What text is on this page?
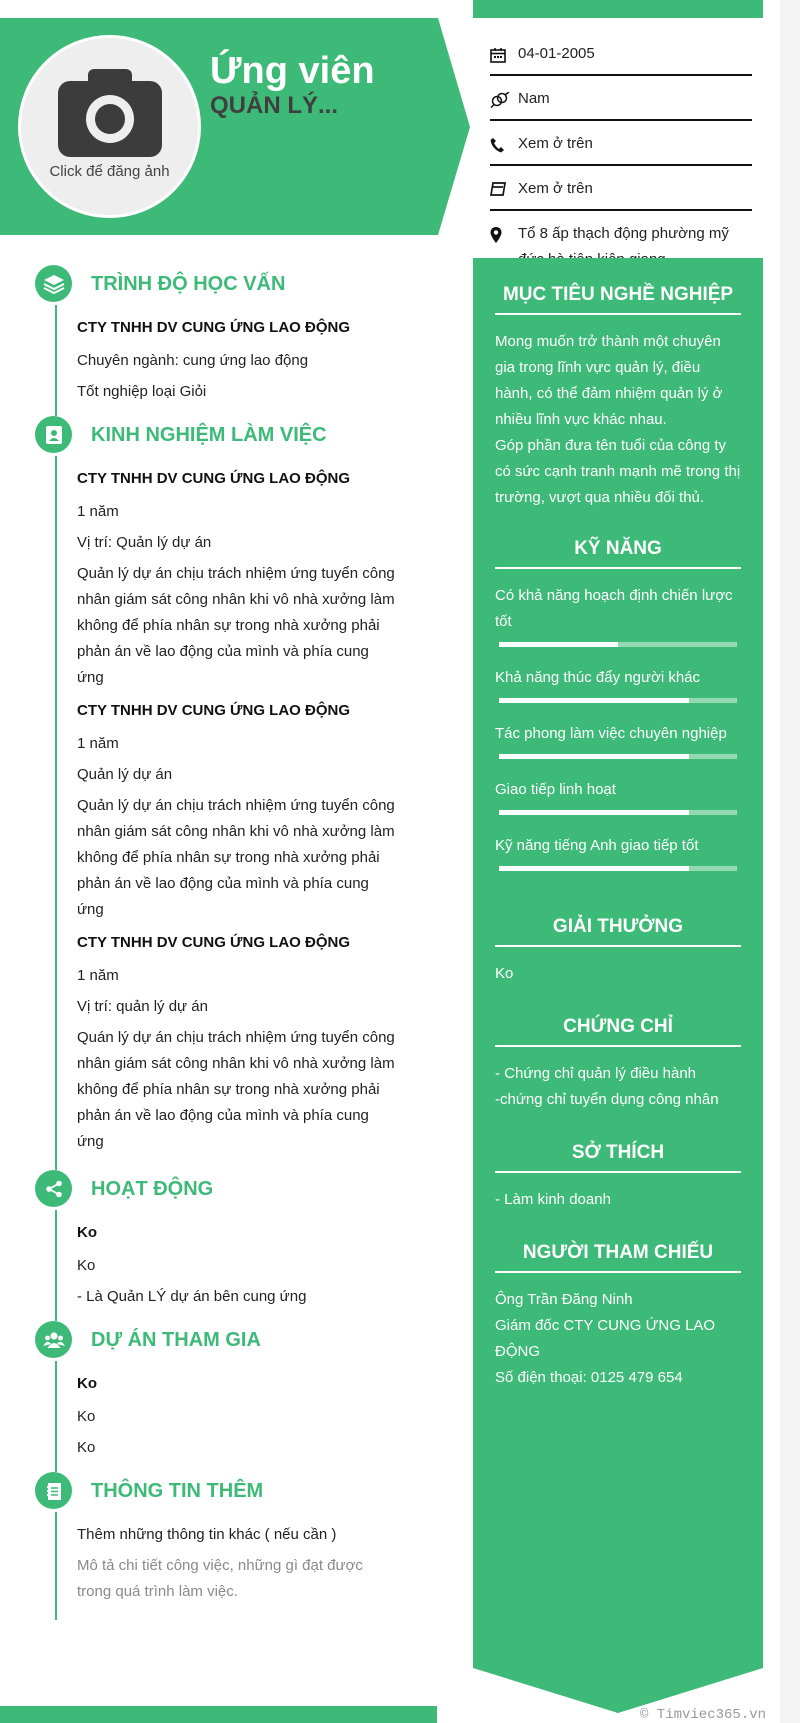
Click để đăng ảnh
Ứng viên
QUẢN LÝ...
04-01-2005
Nam
Xem ở trên
Xem ở trên
Tổ 8 ấp thạch động phường mỹ
TRÌNH ĐỘ HỌC VẤN
CTY TNHH DV CUNG ỨNG LAO ĐỘNG
Chuyên ngành: cung ứng lao động
Tốt nghiệp loại Giỏi
KINH NGHIỆM LÀM VIỆC
CTY TNHH DV CUNG ỨNG LAO ĐỘNG
1 năm
Vị trí: Quản lý dự án
Quản lý dự án chịu trách nhiệm ứng tuyển công nhân giám sát công nhân khi vô nhà xưởng làm không để phía nhân sự trong nhà xưởng phải phản án về lao động của mình và phía cung ứng
CTY TNHH DV CUNG ỨNG LAO ĐỘNG
1 năm
Quản lý dự án
Quản lý dự án chịu trách nhiệm ứng tuyển công nhân giám sát công nhân khi vô nhà xưởng làm không để phía nhân sự trong nhà xưởng phải phản án về lao động của mình và phía cung ứng
CTY TNHH DV CUNG ỨNG LAO ĐỘNG
1 năm
Vị trí: quản lý dự án
Quán lý dự án chịu trách nhiệm ứng tuyển công nhân giám sát công nhân khi vô nhà xưởng làm không để phía nhân sự trong nhà xưởng phải phản án về lao động của mình và phía cung ứng
HOẠT ĐỘNG
Ko
Ko
- Là Quản LÝ dự án bên cung ứng
DỰ ÁN THAM GIA
Ko
Ko
Ko
THÔNG TIN THÊM
Thêm những thông tin khác ( nếu cần )
Mô tả chi tiết công việc, những gì đạt được trong quá trình làm việc.
MỤC TIÊU NGHỀ NGHIỆP
Mong muốn trở thành một chuyên gia trong lĩnh vực quản lý, điều hành, có thể đảm nhiệm quản lý ở nhiều lĩnh vực khác nhau.
Góp phần đưa tên tuổi của công ty có sức cạnh tranh mạnh mẽ trong thị trường, vượt qua nhiều đối thủ.
KỸ NĂNG
Có khả năng hoạch định chiến lược tốt
Khả năng thúc đẩy người khác
Tác phong làm việc chuyên nghiệp
Giao tiếp linh hoạt
Kỹ năng tiếng Anh giao tiếp tốt
GIẢI THƯỞNG
Ko
CHỨNG CHỈ
- Chứng chỉ quản lý điều hành
-chứng chỉ tuyển dụng công nhân
SỞ THÍCH
- Làm kinh doanh
NGƯỜI THAM CHIẾU
Ông Trần Đăng Ninh
Giám đốc CTY CUNG ỨNG LAO ĐỘNG
Số điện thoại: 0125 479 654
© Timviec365.vn
